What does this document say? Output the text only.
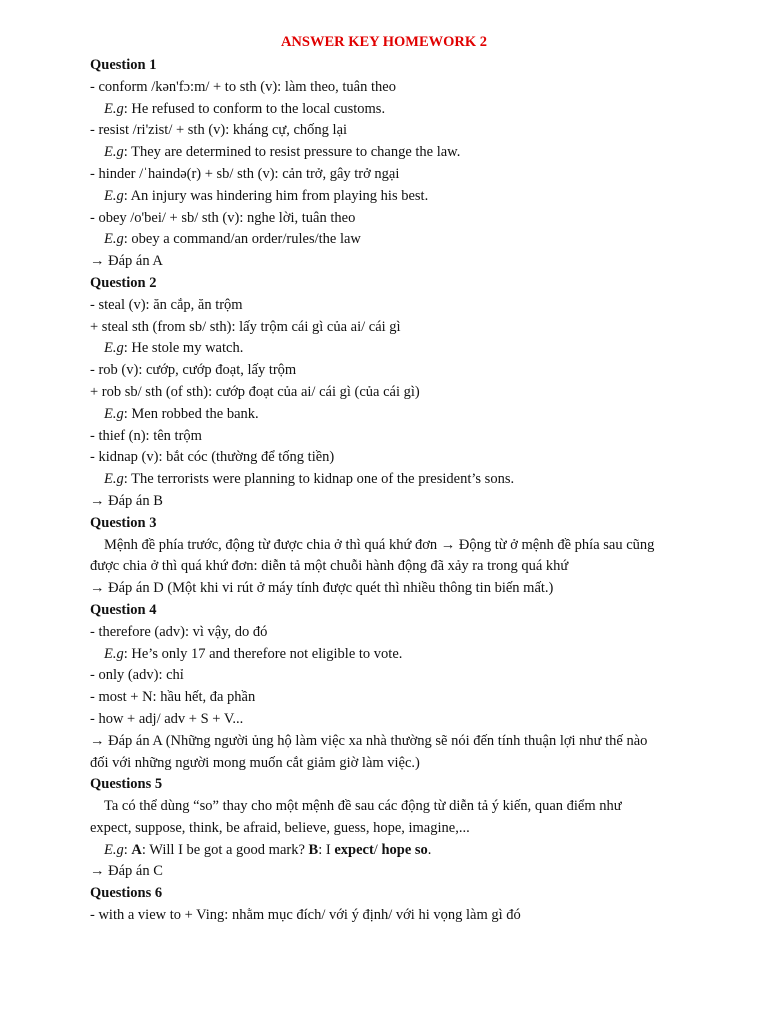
ANSWER KEY HOMEWORK 2
Question 1
- conform /kən'fɔ:m/ + to sth (v): làm theo, tuân theo
E.g: He refused to conform to the local customs.
- resist /ri'zist/ + sth (v): kháng cự, chống lại
E.g: They are determined to resist pressure to change the law.
- hinder /ˈhaində(r) + sb/ sth (v): cản trở, gây trở ngại
E.g: An injury was hindering him from playing his best.
- obey /o'bei/ + sb/ sth (v): nghe lời, tuân theo
E.g: obey a command/an order/rules/the law
→ Đáp án A
Question 2
- steal (v): ăn cắp, ăn trộm
+ steal sth (from sb/ sth): lấy trộm cái gì của ai/ cái gì
E.g: He stole my watch.
- rob (v): cướp, cướp đoạt, lấy trộm
+ rob sb/ sth (of sth): cướp đoạt của ai/ cái gì (của cái gì)
E.g: Men robbed the bank.
- thief (n): tên trộm
- kidnap (v): bắt cóc (thường để tống tiền)
E.g: The terrorists were planning to kidnap one of the president’s sons.
→ Đáp án B
Question 3
Mệnh đề phía trước, động từ được chia ở thì quá khứ đơn → Động từ ở mệnh đề phía sau cũng
được chia ở thì quá khứ đơn: diễn tả một chuỗi hành động đã xảy ra trong quá khứ
→ Đáp án D (Một khi vi rút ở máy tính được quét thì nhiều thông tin biến mất.)
Question 4
- therefore (adv): vì vậy, do đó
E.g: He’s only 17 and therefore not eligible to vote.
- only (adv): chỉ
- most + N: hầu hết, đa phần
- how + adj/ adv + S + V...
→ Đáp án A (Những người ủng hộ làm việc xa nhà thường sẽ nói đến tính thuận lợi như thế nào
đối với những người mong muốn cắt giảm giờ làm việc.)
Questions 5
Ta có thể dùng “so” thay cho một mệnh đề sau các động từ diễn tả ý kiến, quan điểm như
expect, suppose, think, be afraid, believe, guess, hope, imagine,...
E.g: A: Will I be got a good mark? B: I expect/ hope so.
→ Đáp án C
Questions 6
- with a view to + Ving: nhằm mục đích/ với ý định/ với hi vọng làm gì đó
